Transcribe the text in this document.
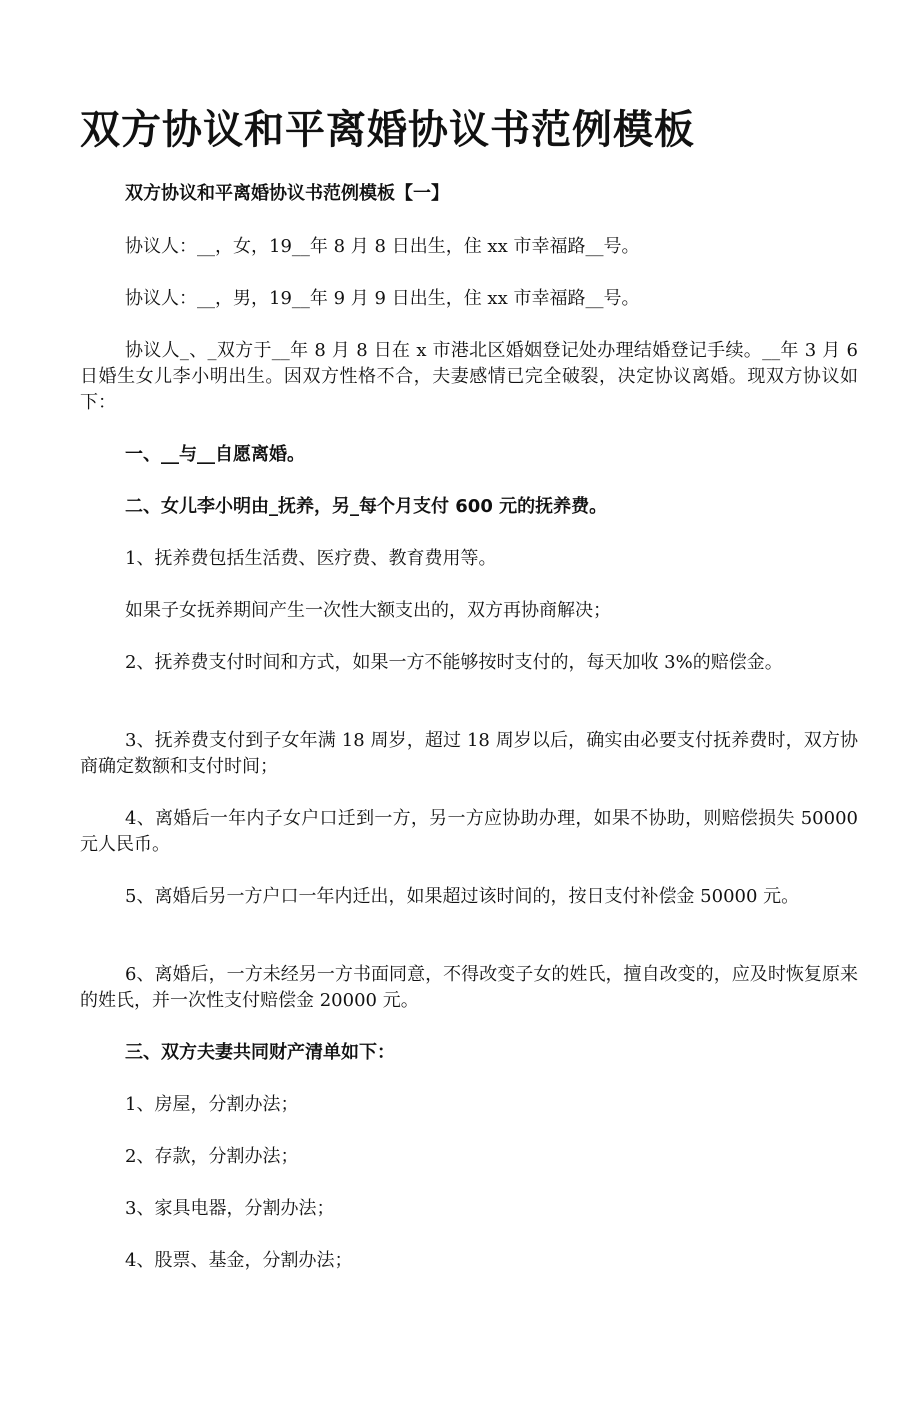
双方协议和平离婚协议书范例模板

双方协议和平离婚协议书范例模板【一】

协议人：__，女，19__年 8 月 8 日出生，住 xx 市幸福路__号。

协议人：__，男，19__年 9 月 9 日出生，住 xx 市幸福路__号。

协议人_、_双方于__年 8 月 8 日在 x 市港北区婚姻登记处办理结婚登记手续。__年 3 月 6 日婚生女儿李小明出生。因双方性格不合，夫妻感情已完全破裂，决定协议离婚。现双方协议如下：

一、__与__自愿离婚。

二、女儿李小明由_抚养，另_每个月支付 600 元的抚养费。

1、抚养费包括生活费、医疗费、教育费用等。

如果子女抚养期间产生一次性大额支出的，双方再协商解决；

2、抚养费支付时间和方式，如果一方不能够按时支付的，每天加收 3%的赔偿金。

3、抚养费支付到子女年满 18 周岁，超过 18 周岁以后，确实由必要支付抚养费时，双方协商确定数额和支付时间；

4、离婚后一年内子女户口迁到一方，另一方应协助办理，如果不协助，则赔偿损失 50000 元人民币。

5、离婚后另一方户口一年内迁出，如果超过该时间的，按日支付补偿金 50000 元。

6、离婚后，一方未经另一方书面同意，不得改变子女的姓氏，擅自改变的，应及时恢复原来的姓氏，并一次性支付赔偿金 20000 元。

三、双方夫妻共同财产清单如下：

1、房屋，分割办法；

2、存款，分割办法；

3、家具电器，分割办法；

4、股票、基金，分割办法；
